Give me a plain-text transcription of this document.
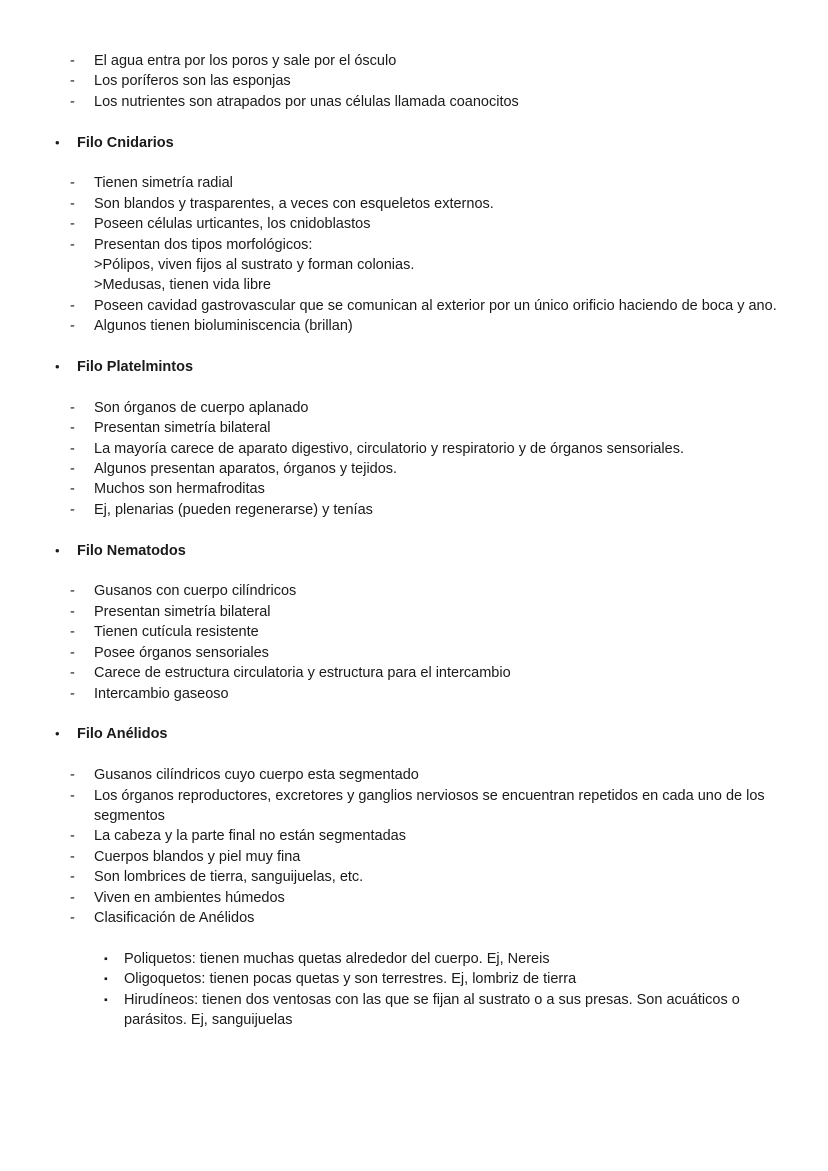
-	El agua entra por los poros y sale por el ósculo
-	Los poríferos son las esponjas
-	Los nutrientes son atrapados por unas células llamada coanocitos
•	Filo Cnidarios
-	Tienen simetría radial
-	Son blandos y trasparentes, a veces con esqueletos externos.
-	Poseen células urticantes, los cnidoblastos
-	Presentan dos tipos morfológicos:
>Pólipos, viven fijos al sustrato y forman colonias.
>Medusas, tienen vida libre
-	Poseen cavidad gastrovascular que se comunican al exterior por un único orificio haciendo de boca y ano.
-	Algunos tienen bioluminiscencia (brillan)
•	Filo Platelmintos
-	Son órganos de cuerpo aplanado
-	Presentan simetría bilateral
-	La mayoría carece de aparato digestivo, circulatorio y respiratorio y de órganos sensoriales.
-	Algunos presentan aparatos, órganos y tejidos.
-	Muchos son hermafroditas
-	Ej, plenarias (pueden regenerarse) y tenías
•	Filo Nematodos
-	Gusanos con cuerpo cilíndricos
-	Presentan simetría bilateral
-	Tienen cutícula resistente
-	Posee órganos sensoriales
-	Carece de estructura circulatoria y estructura para el intercambio
-	Intercambio gaseoso
•	Filo Anélidos
-	Gusanos cilíndricos cuyo cuerpo esta segmentado
-	Los órganos reproductores, excretores y ganglios nerviosos se encuentran repetidos en cada uno de los segmentos
-	La cabeza y la parte final no están segmentadas
-	Cuerpos blandos y piel muy fina
-	Son lombrices de tierra, sanguijuelas, etc.
-	Viven en ambientes húmedos
-	Clasificación de Anélidos
▪	Poliquetos: tienen muchas quetas alrededor del cuerpo. Ej, Nereis
▪	Oligoquetos: tienen pocas quetas y son terrestres. Ej, lombriz de tierra
▪	Hirudíneos: tienen dos ventosas con las que se fijan al sustrato o a sus presas. Son acuáticos o parásitos. Ej, sanguijuelas
